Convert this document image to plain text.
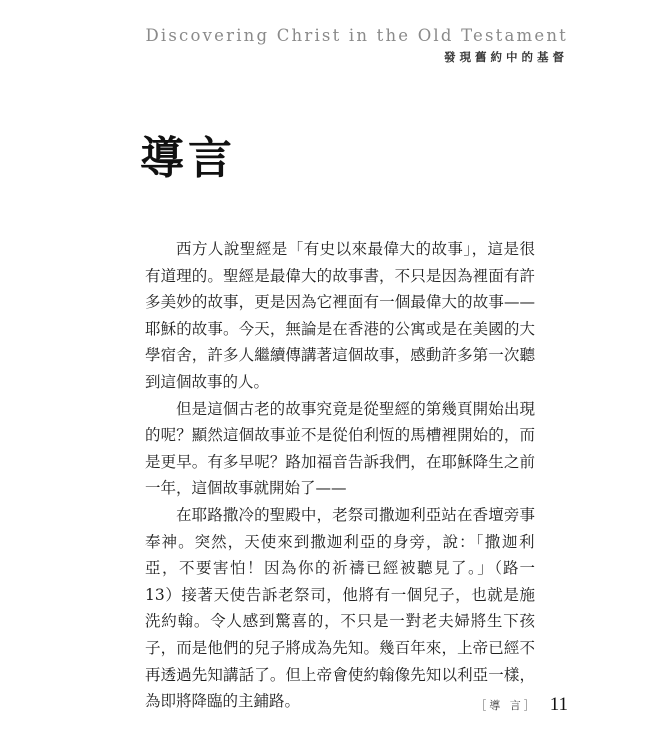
Discovering Christ in the Old Testament
發現舊約中的基督
導言

西方人說聖經是「有史以來最偉大的故事」，這是很有道理的。聖經是最偉大的故事書，不只是因為裡面有許多美妙的故事，更是因為它裡面有一個最偉大的故事——耶穌的故事。今天，無論是在香港的公寓或是在美國的大學宿舍，許多人繼續傳講著這個故事，感動許多第一次聽到這個故事的人。

但是這個古老的故事究竟是從聖經的第幾頁開始出現的呢？顯然這個故事並不是從伯利恆的馬槽裡開始的，而是更早。有多早呢？路加福音告訴我們，在耶穌降生之前一年，這個故事就開始了——

在耶路撒冷的聖殿中，老祭司撒迦利亞站在香壇旁事奉神。突然，天使來到撒迦利亞的身旁，說：「撒迦利亞，不要害怕！因為你的祈禱已經被聽見了。」（路一13）接著天使告訴老祭司，他將有一個兒子，也就是施洗約翰。令人感到驚喜的，不只是一對老夫婦將生下孩子，而是他們的兒子將成為先知。幾百年來，上帝已經不再透過先知講話了。但上帝會使約翰像先知以利亞一樣，為即將降臨的主鋪路。	［導 言］ 11
